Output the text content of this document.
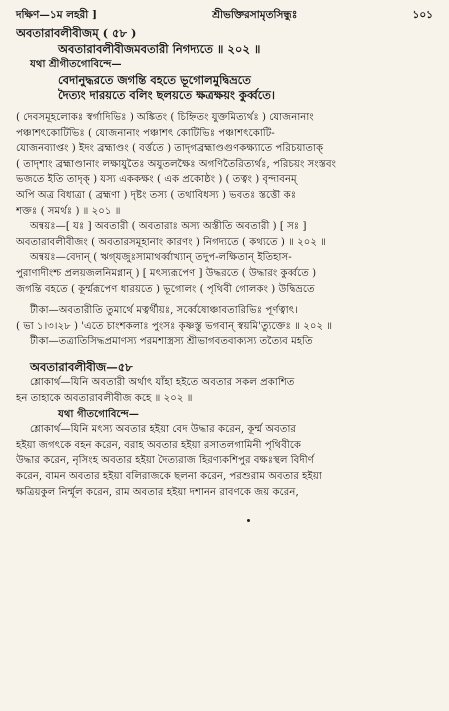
দক্ষিণ—১ম লহরী ]	শ্রীভক্তিরসামৃতসিন্ধুঃ	১০১
অবতারাবলীবীজম্ ( ৫৮ )
অবতারাবলীবীজমবতারী নিগদ্যতে ॥ ২০২ ॥
যথা শ্রীগীতগোবিন্দে—
বেদানুদ্ধরতে জগন্তি বহতে ভূগোলমুদ্বিভ্রতে
দৈত্যং দারয়তে বলিং ছলয়তে ক্ষত্রক্ষয়ং কুর্ব্বতে।
( দেবসমূহলোকঃ স্বর্গাদিভিঃ ) অঙ্কিতং ( চিহ্নিতং যুক্তমিত্যর্থঃ ) যোজনানাং
পঞ্চাশৎকোটিভিঃ ( যোজনানাং পঞ্চাশৎ কোটিভিঃ পঞ্চাশৎকোটি-
যোজনব্যাপ্তং ) ইদং ব্রহ্মাণ্ডং ( বর্ত্ততে ) তাদৃগব্রহ্মাণ্ডগুণকক্ষ্যাতে পরিচয়াতাক্
( তাদৃশাং ব্রহ্মাণ্ডানাং লক্ষাযুতৈঃ অযুতলক্ষৈঃ অগণিতৈরিত্যর্থঃ, পরিচয়ং সংস্তবং
ভজতে ইতি তাদৃক্ ) যস্য এককক্ষং ( এক প্রকোষ্ঠং ) ( তত্বং ) বৃন্দাবনম্
অপি অত্র বিধাত্রা ( ব্রহ্মণা ) দৃষ্টং তস্য ( তথাবিধস্য ) ভবতঃ স্তত্তৌ কঃ
শক্তঃ ( সমর্থঃ ) ॥ ২০১ ॥
অন্বয়ঃ—[ যঃ ] অবতারী ( অবতারাঃ অস্য অস্তীতি অবতারী ) [ সঃ ]
অবতারাবলীবীজং ( অবতারসমূহানাং কারণং ) নিগদ্যতে ( কথ্যতে ) ॥ ২০২ ॥
অন্বয়ঃ—বেদান্ ( ঋগ্‌যজুঃসামাথর্ব্বাখ্যান্ তদুপ-লক্ষিতান্ ইতিহাস-
পুরাণাদীংশ্চ প্রলয়জলনিমগ্নান্ ) [ মৎস্যরূপেণ ] উদ্ধরতে ( উদ্ধারং কুর্ব্বতে )
জগন্তি বহতে ( কূর্ম্মরূপেণ ধারয়তে ) ভূগোলং ( পৃথিবী গোলকং ) উদ্বিভ্রতে
টীকা—অবতারীতি তুমার্থে মত্বর্থীয়ঃ, সর্ব্বেষোঞ্চাবতারিভিঃ পূর্ণত্বাৎ।
( ভা ১।৩।২৮ ) 'এতে চাংশকলাঃ পুংসঃ কৃষ্ণস্তু ভগবান্ স্বয়মি'ত্যুক্তেঃ ॥ ২০২ ॥
টীকা—তত্রাতিসিদ্ধপ্রমাণস্য পরমশাস্ত্রস্য শ্রীভাগবতবাক্যস্য তত্যৈব মহতি
অবতারাবলীবীজ—৫৮
শ্লোকার্থ—যিনি অবতারী অর্থাৎ যাঁহা হইতে অবতার সকল প্রকাশিত
হন তাহাকে অবতারাবলীবীজ কহে ॥ ২০২ ॥
যথা গীতগোবিন্দে—
শ্লোকার্থ—যিনি মৎস্য অবতার হইয়া বেদ উদ্ধার করেন, কূর্ম্ম অবতার
হইয়া জগৎকে বহন করেন, বরাহ অবতার হইয়া রসাতলগামিনী পৃথিবীকে
উদ্ধার করেন, নৃসিংহ অবতার হইয়া দৈত্যরাজ হিরণ্যকশিপুর বক্ষঃস্থল বিদীর্ণ
করেন, বামন অবতার হইয়া বলিরাজকে ছলনা করেন, পরশুরাম অবতার হইয়া
ক্ষত্রিয়কুল নির্ম্মূল করেন, রাম অবতার হইয়া দশানন রাবণকে জয় করেন,
